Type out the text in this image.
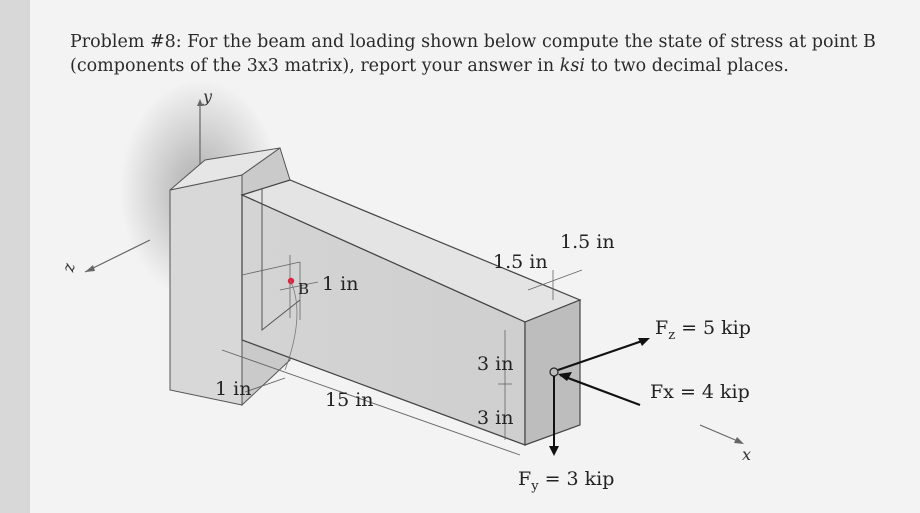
Problem #8: For the beam and loading shown below compute the state of stress at point B
(components of the 3x3 matrix), report your answer in ksi to two decimal places.
y
z
B 1 in
1 in	15 in
1.5 in
1.5 in
3 in
3 in
$F_z = 5$ kip
Fx = 4 kip
$F_y = 3$ kip
x
